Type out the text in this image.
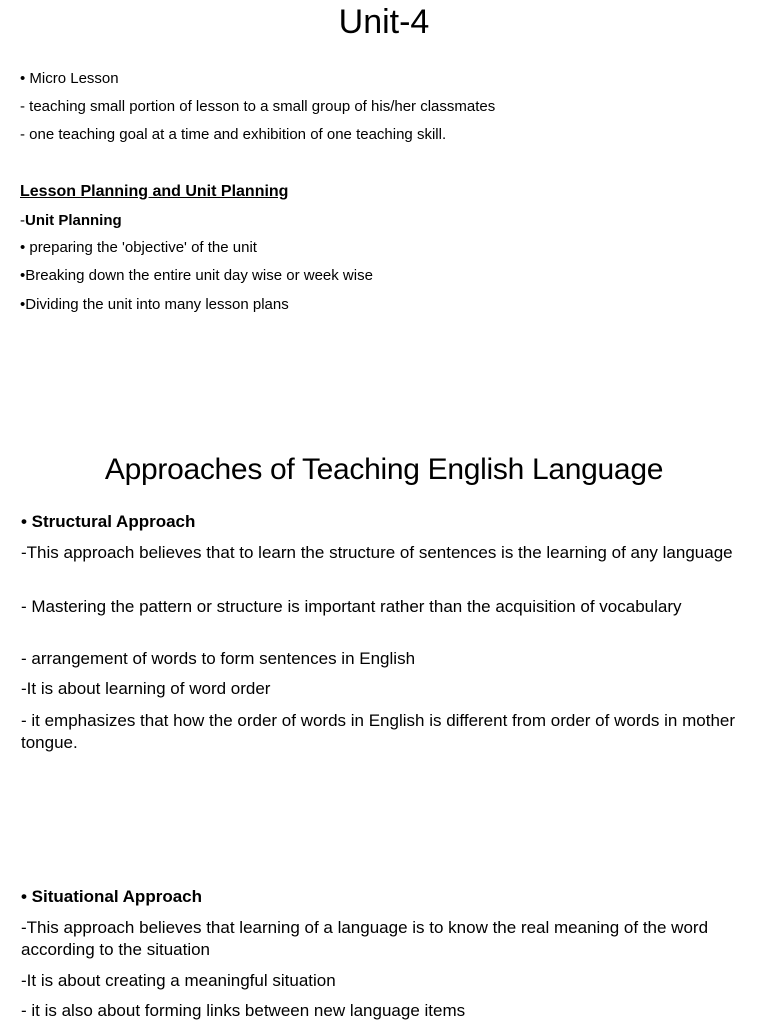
Unit-4
• Micro Lesson
- teaching small portion of lesson to a small group of his/her classmates
- one teaching goal at a time and exhibition of one teaching skill.
Lesson Planning and Unit Planning
-Unit Planning
• preparing the 'objective' of the unit
•Breaking down the entire unit day wise or week wise
•Dividing the unit into many lesson plans
Approaches of Teaching English Language
• Structural Approach
-This approach believes that to learn the structure of sentences is the learning of any language
- Mastering the pattern or structure is important rather than the acquisition of vocabulary
- arrangement of words to form sentences in English
-It is about learning of word order
- it emphasizes that how the order of words in English is different from order of words in mother tongue.
• Situational Approach
-This approach believes that learning of a language is to know the real meaning of the word according to the situation
-It is about creating a meaningful situation
- it is also about forming links between new language items
